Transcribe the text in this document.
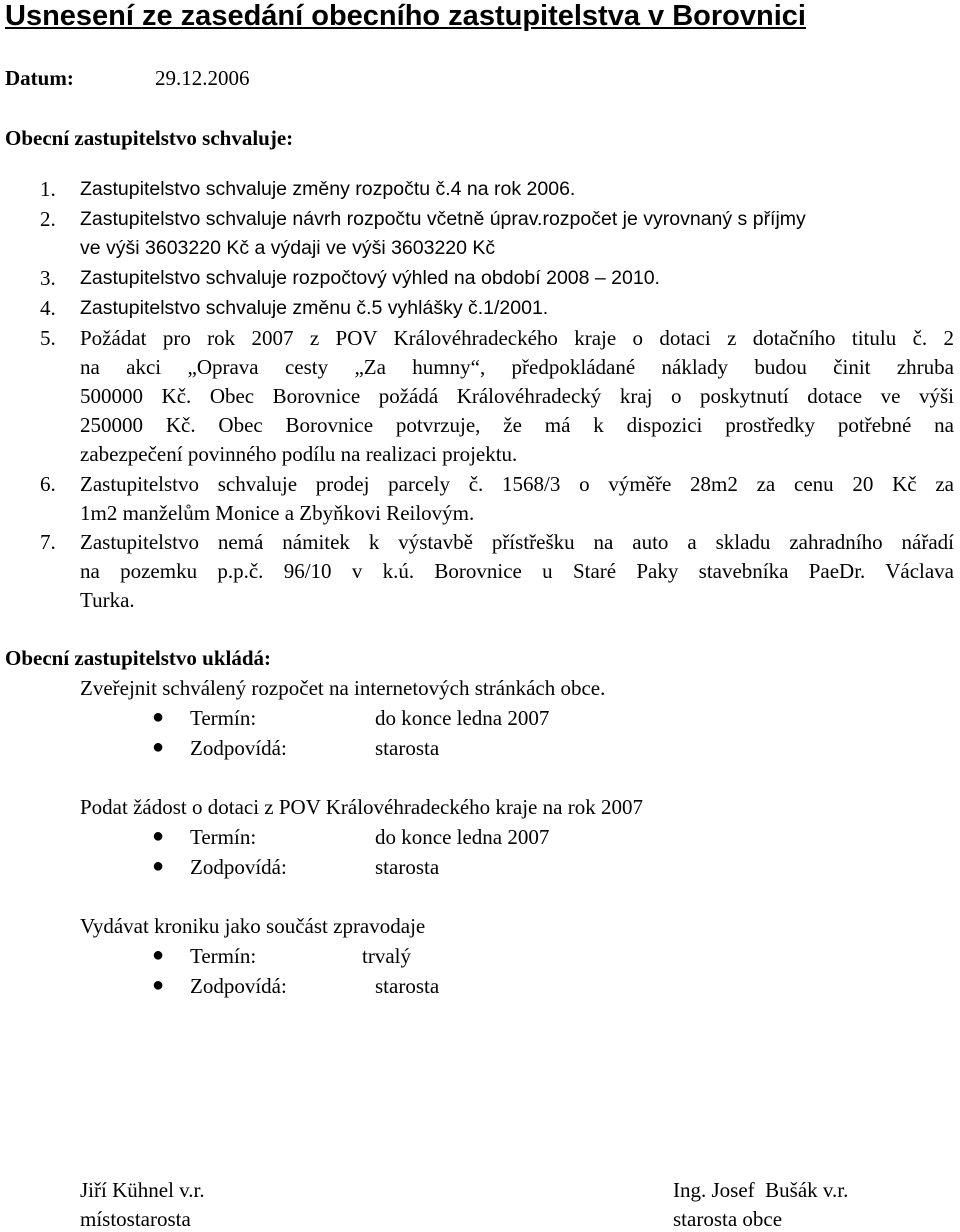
Usnesení ze zasedání obecního zastupitelstva v Borovnici
Datum:	29.12.2006
Obecní zastupitelstvo schvaluje:
1. Zastupitelstvo schvaluje změny rozpočtu č.4 na rok 2006.
2. Zastupitelstvo schvaluje návrh rozpočtu včetně úprav.rozpočet je vyrovnaný s příjmy
ve výši 3603220 Kč a výdaji ve výši 3603220 Kč
3. Zastupitelstvo schvaluje rozpočtový výhled na období 2008 – 2010.
4. Zastupitelstvo schvaluje změnu č.5 vyhlášky č.1/2001.
5. Požádat pro rok 2007 z POV Královéhradeckého kraje o dotaci z dotačního titulu č. 2
na akci „Oprava cesty „Za humny“, předpokládané náklady budou činit zhruba
500000 Kč. Obec Borovnice požádá Královéhradecký kraj o poskytnutí dotace ve výši
250000 Kč. Obec Borovnice potvrzuje, že má k dispozici prostředky potřebné na
zabezpečení povinného podílu na realizaci projektu.
6. Zastupitelstvo schvaluje prodej parcely č. 1568/3 o výměře 28m2 za cenu 20 Kč za
1m2 manželům Monice a Zbyňkovi Reilovým.
7. Zastupitelstvo nemá námitek k výstavbě přístřešku na auto a skladu zahradního nářadí
na pozemku p.p.č. 96/10 v k.ú. Borovnice u Staré Paky stavebníka PaeDr. Václava
Turka.
Obecní zastupitelstvo ukládá:
Zveřejnit schválený rozpočet na internetových stránkách obce.
● Termín:	do konce ledna 2007
● Zodpovídá:	starosta
Podat žádost o dotaci z POV Královéhradeckého kraje na rok 2007
● Termín:	do konce ledna 2007
● Zodpovídá:	starosta
Vydávat kroniku jako součást zpravodaje
● Termín:	trvalý
● Zodpovídá:	starosta
Jiří Kühnel v.r.
místostarosta
Ing. Josef  Bušák v.r.
starosta obce
